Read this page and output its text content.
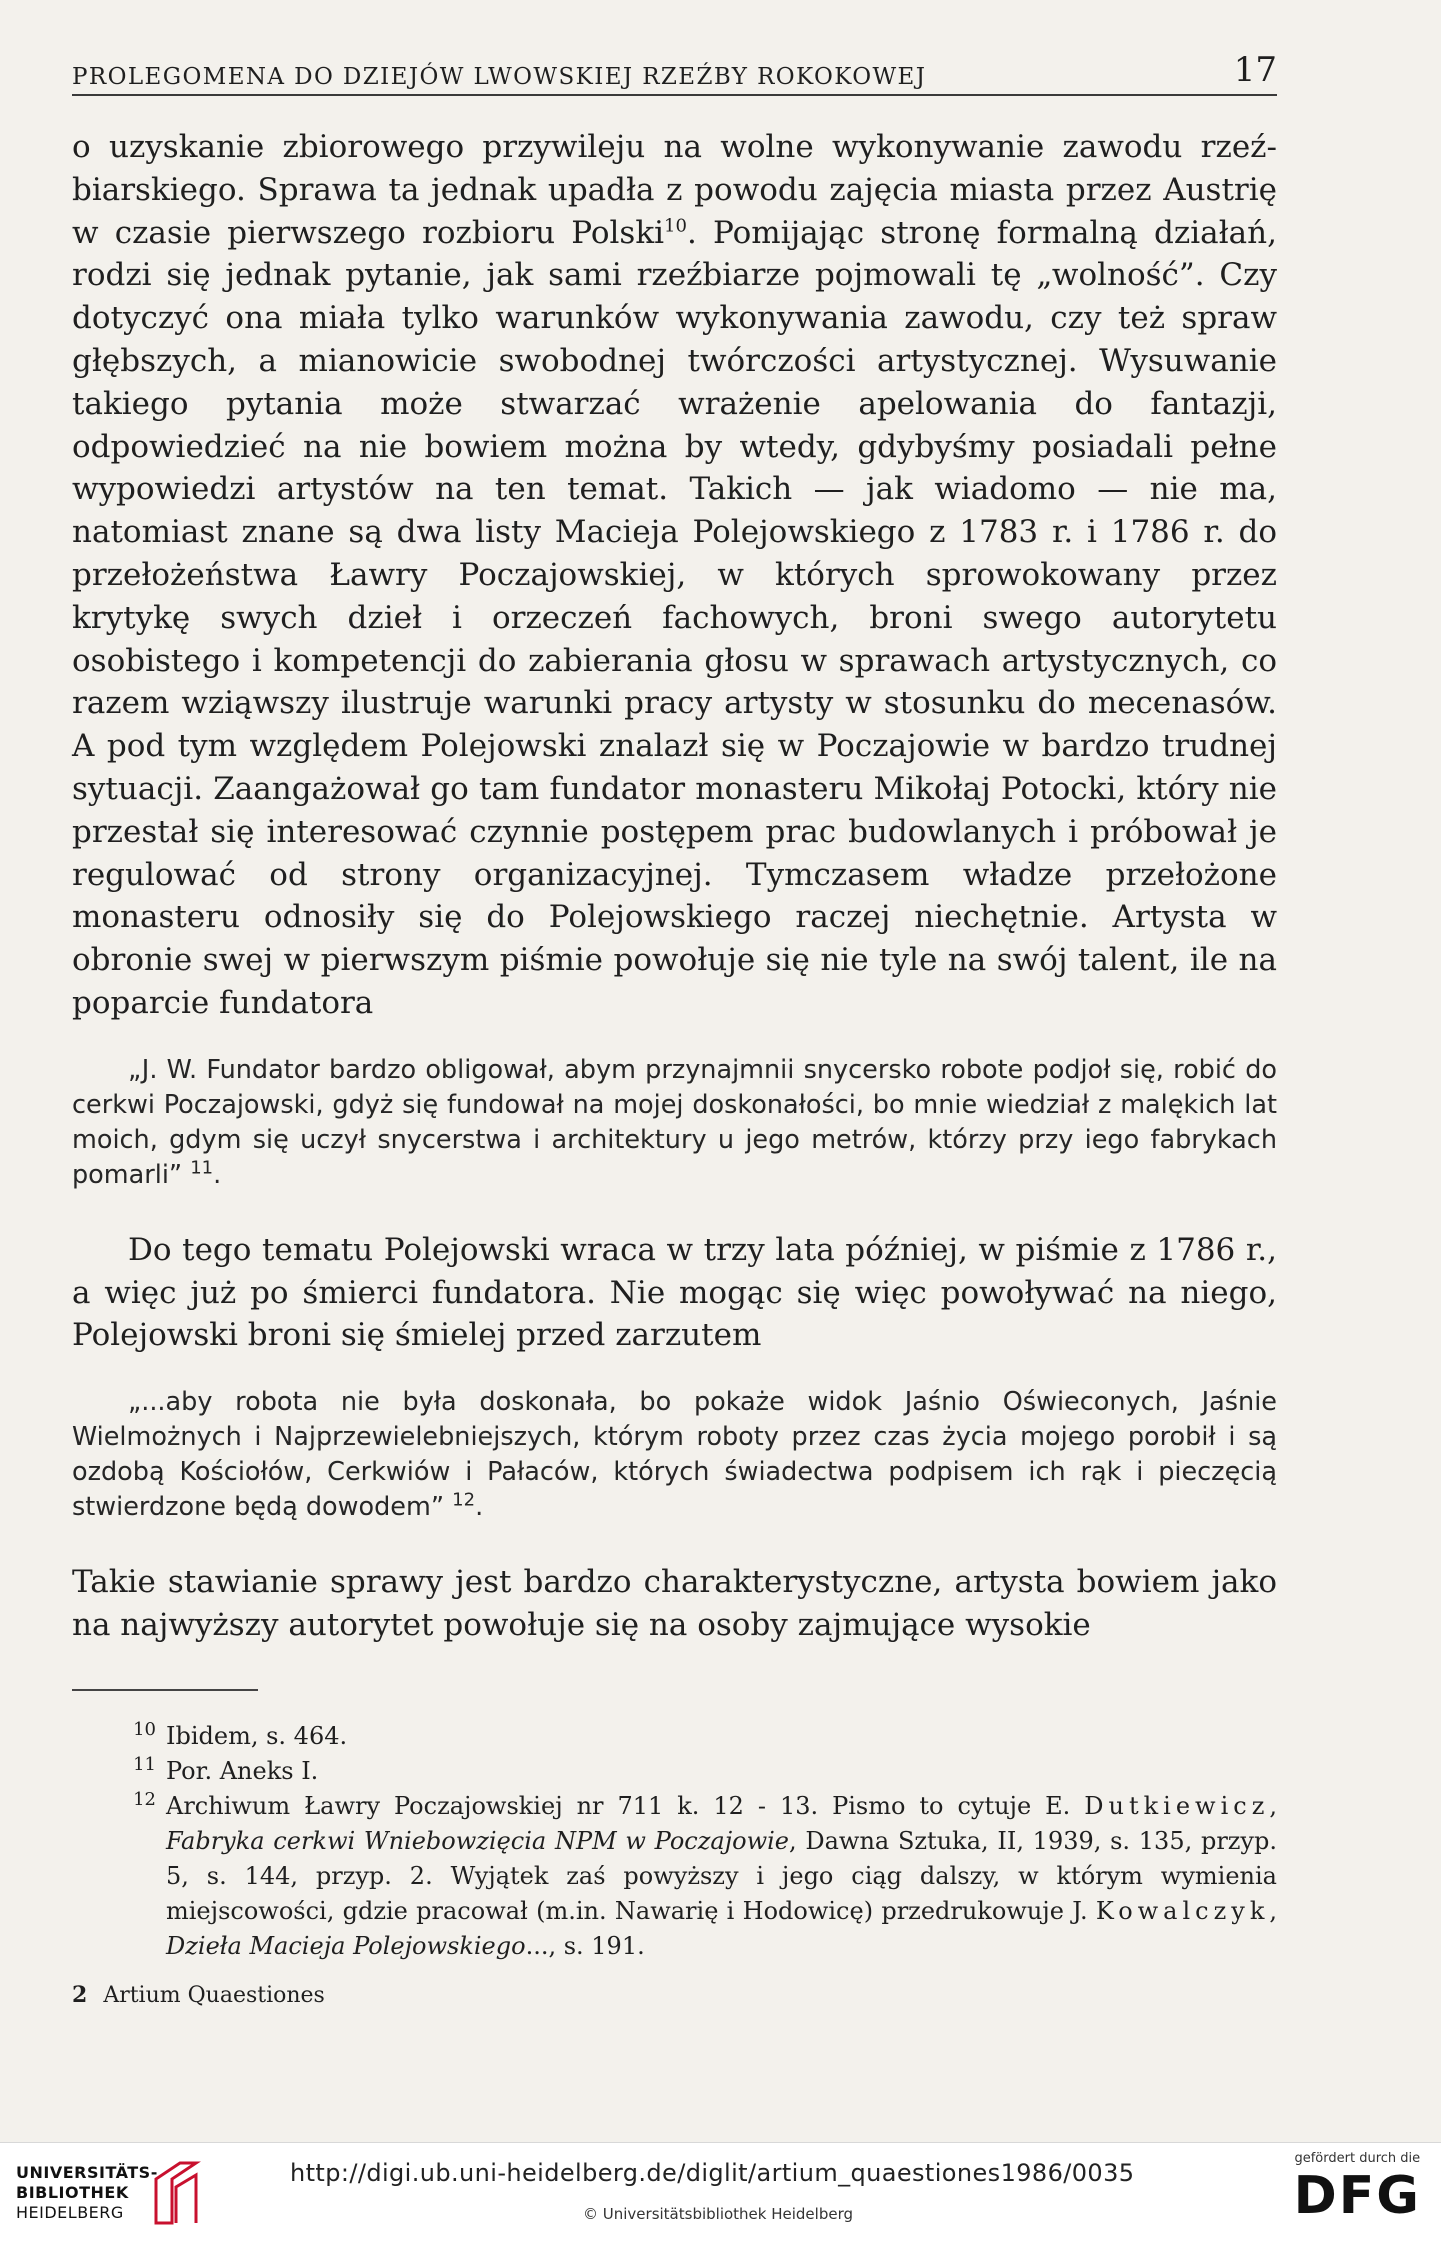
PROLEGOMENA DO DZIEJÓW LWOWSKIEJ RZEŹBY ROKOKOWEJ	17

o uzyskanie zbiorowego przywileju na wolne wykonywanie zawodu rzeźbiarskiego. Sprawa ta jednak upadła z powodu zajęcia miasta przez Austrię w czasie pierwszego rozbioru Polski$^{10}$. Pomijając stronę formalną działań, rodzi się jednak pytanie, jak sami rzeźbiarze pojmowali tę „wolność”. Czy dotyczyć ona miała tylko warunków wykonywania zawodu, czy też spraw głębszych, a mianowicie swobodnej twórczości artystycznej. Wysuwanie takiego pytania może stwarzać wrażenie apelowania do fantazji, odpowiedzieć na nie bowiem można by wtedy, gdybyśmy posiadali pełne wypowiedzi artystów na ten temat. Takich — jak wiadomo — nie ma, natomiast znane są dwa listy Macieja Polejowskiego z 1783 r. i 1786 r. do przełożeństwa Ławry Poczajowskiej, w których sprowokowany przez krytykę swych dzieł i orzeczeń fachowych, broni swego autorytetu osobistego i kompetencji do zabierania głosu w sprawach artystycznych, co razem wziąwszy ilustruje warunki pracy artysty w stosunku do mecenasów. A pod tym względem Polejowski znalazł się w Poczajowie w bardzo trudnej sytuacji. Zaangażował go tam fundator monasteru Mikołaj Potocki, który nie przestał się interesować czynnie postępem prac budowlanych i próbował je regulować od strony organizacyjnej. Tymczasem władze przełożone monasteru odnosiły się do Polejowskiego raczej niechętnie. Artysta w obronie swej w pierwszym piśmie powołuje się nie tyle na swój talent, ile na poparcie fundatora

„J. W. Fundator bardzo obligował, abym przynajmnii snycersko robote podjoł się, robić do cerkwi Poczajowski, gdyż się fundował na mojej doskonałości, bo mnie wiedział z malękich lat moich, gdym się uczył snycerstwa i architektury u jego metrów, którzy przy iego fabrykach pomarli” $^{11}$.

Do tego tematu Polejowski wraca w trzy lata później, w piśmie z 1786 r., a więc już po śmierci fundatora. Nie mogąc się więc powoływać na niego, Polejowski broni się śmielej przed zarzutem

„...aby robota nie była doskonała, bo pokaże widok Jaśnio Oświeconych, Jaśnie Wielmożnych i Najprzewielebniejszych, którym roboty przez czas życia mojego porobił i są ozdobą Kościołów, Cerkwiów i Pałaców, których świadectwa podpisem ich rąk i pieczęcią stwierdzone będą dowodem” $^{12}$.

Takie stawianie sprawy jest bardzo charakterystyczne, artysta bowiem jako na najwyższy autorytet powołuje się na osoby zajmujące wysokie

$^{10}$ Ibidem, s. 464.

$^{11}$ Por. Aneks I.

$^{12}$ Archiwum Ławry Poczajowskiej nr 711 k. 12 - 13. Pismo to cytuje E. Dutkiewicz, Fabryka cerkwi Wniebowzięcia NPM w Poczajowie, Dawna Sztuka, II, 1939, s. 135, przyp. 5, s. 144, przyp. 2. Wyjątek zaś powyższy i jego ciąg dalszy, w którym wymienia miejscowości, gdzie pracował (m.in. Nawarię i Hodowicę) przedrukowuje J. Kowalczyk, Dzieła Macieja Polejowskiego..., s. 191.

2 Artium Quaestiones
UNIVERSITÄTS-
BIBLIOTHEK
HEIDELBERG
http://digi.ub.uni-heidelberg.de/diglit/artium_quaestiones1986/0035
© Universitätsbibliothek Heidelberg
gefördert durch die
DFG
